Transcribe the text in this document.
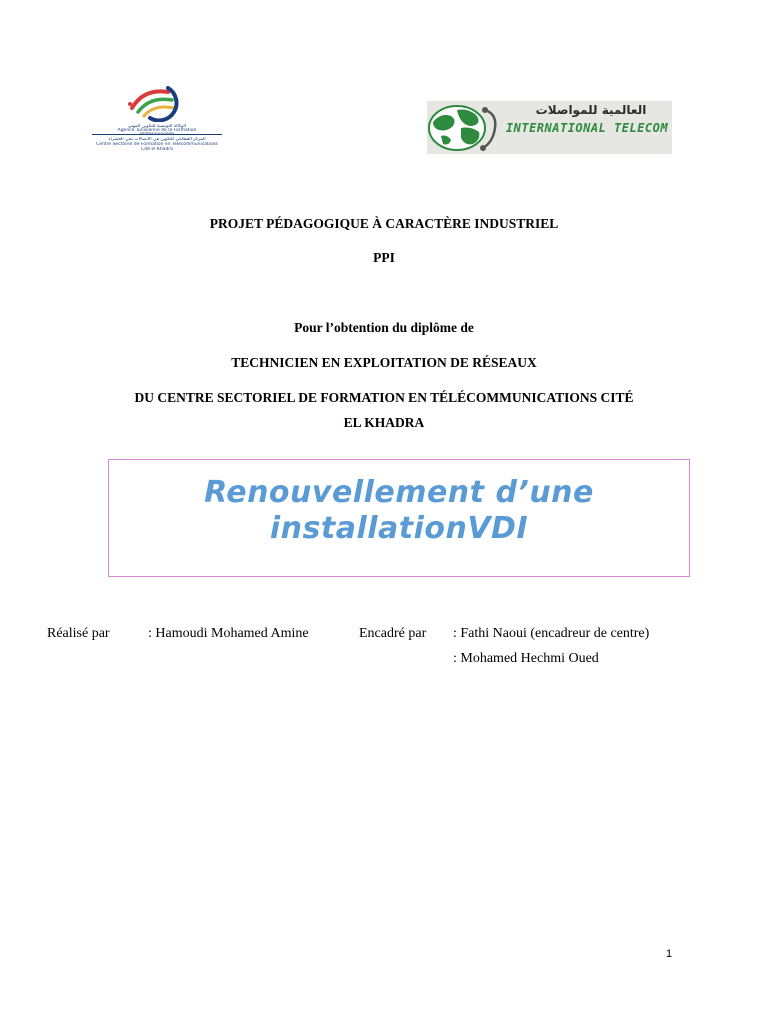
الوكالة التونسية للتكوين المهني
Agence Tunisienne de la Formation
المركز القطاعي للتكوين في الاتصالات بحي الخضراء
Centre Sectoriel de Formation en Télécommunications
Cité el Khadra
العالمية للمواصلات
INTERNATIONAL TELECOM
PROJET PÉDAGOGIQUE À CARACTÈRE INDUSTRIEL
PPI
Pour l’obtention du diplôme de
TECHNICIEN EN EXPLOITATION DE RÉSEAUX
DU CENTRE SECTORIEL DE FORMATION EN TÉLÉCOMMUNICATIONS CITÉ
EL KHADRA
Renouvellement d’une
installationVDI
Réalisé par	: Hamoudi Mohamed Amine	Encadré par : Fathi Naoui (encadreur de centre)
: Mohamed Hechmi Oued
1
